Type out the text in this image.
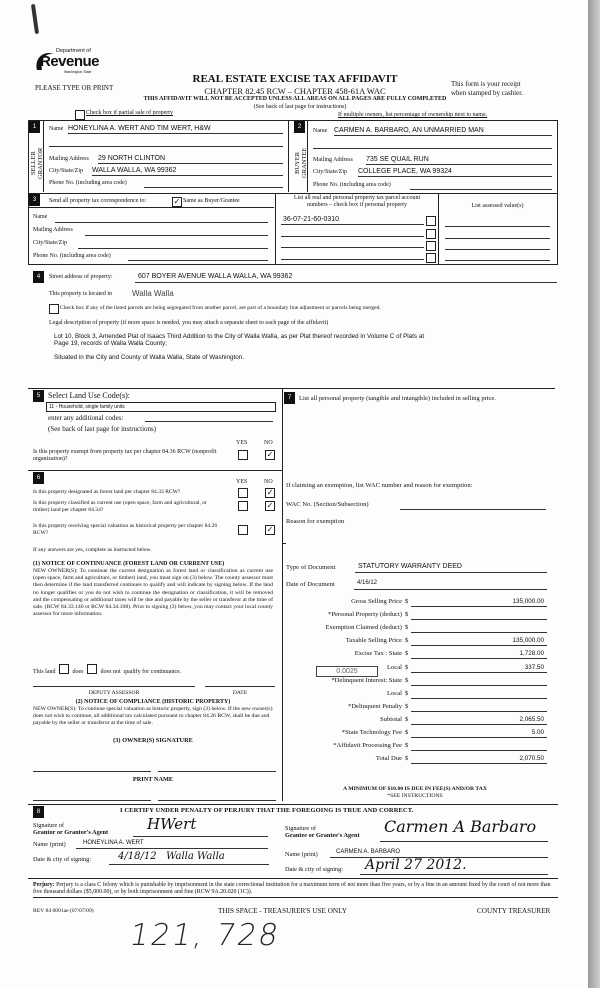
Department of
Revenue
Washington State
PLEASE TYPE OR PRINT
REAL ESTATE EXCISE TAX AFFIDAVIT
CHAPTER 82.45 RCW – CHAPTER 458-61A WAC
This form is your receipt
when stamped by cashier.
THIS AFFIDAVIT WILL NOT BE ACCEPTED UNLESS ALL AREAS ON ALL PAGES ARE FULLY COMPLETED
(See back of last page for instructions)
Check box if partial sale of property	If multiple owners, list percentage of ownership next to name.
1
SELLER GRANTOR
Name HONEYLINA A. WERT AND TIM WERT, H&W
Mailing Address 29 NORTH CLINTON
City/State/Zip WALLA WALLA, WA 99362
Phone No. (including area code)
2
BUYER GRANTEE
Name CARMEN A. BARBARO, AN UNMARRIED MAN
Mailing Address 735 SE QUAIL RUN
City/State/Zip COLLEGE PLACE, WA 99324
Phone No. (including area code)
3	Send all property tax correspondence to:	✓ Same as Buyer/Grantee
Name
Mailing Address
City/State/Zip
Phone No. (including area code)
List all real and personal property tax parcel account
numbers – check box if personal property	List assessed value(s)
36-07-21-60-0310
4	Street address of property:	607 BOYER AVENUE WALLA WALLA, WA 99362
This property is located in	Walla Walla
Check box if any of the listed parcels are being segregated from another parcel, are part of a boundary line adjustment or parcels being merged.
Legal description of property (if more space is needed, you may attach a separate sheet to each page of the affidavit)
Lot 10, Block 3, Amended Plat of Isaacs Third Addition to the City of Walla Walla, as per Plat thereof recorded in Volume C of Plats at
Page 19, records of Walla Walla County;
Situated in the City and County of Walla Walla, State of Washington.
5 Select Land Use Code(s):
11 - Household, single family units
enter any additional codes:
(See back of last page for instructions)
YES	NO
Is this property exempt from property tax per chapter 84.36 RCW (nonprofit organization)?	✓
6
YES	NO
Is this property designated as forest land per chapter 84.33 RCW?	✓
Is this property classified as current use (open space, farm and agricultural, or timber) land per chapter 84.34?	✓
Is this property receiving special valuation as historical property per chapter 84.26 RCW?	✓
If any answers are yes, complete as instructed below.
(1) NOTICE OF CONTINUANCE (FOREST LAND OR CURRENT USE)
NEW OWNER(S): To continue the current designation as forest land or classification as current use (open space, farm and agriculture, or timber) land, you must sign on (3) below. The county assessor must then determine if the land transferred continues to qualify and will indicate by signing below. If the land no longer qualifies or you do not wish to continue the designation or classification, it will be removed and the compensating or additional taxes will be due and payable by the seller or transferor at the time of sale. (RCW 84.33.140 or RCW 84.34.108). Prior to signing (3) below, you may contact your local county assessor for more information.
This land	does	does not qualify for continuance.
DEPUTY ASSESSOR	DATE
(2) NOTICE OF COMPLIANCE (HISTORIC PROPERTY)
NEW OWNER(S): To continue special valuation as historic property, sign (3) below. If the new owner(s) does not wish to continue, all additional tax calculated pursuant to chapter 84.26 RCW, shall be due and payable by the seller or transferor at the time of sale.
(3) OWNER(S) SIGNATURE
PRINT NAME
7	List all personal property (tangible and intangible) included in selling price.
If claiming an exemption, list WAC number and reason for exemption:
WAC No. (Section/Subsection)
Reason for exemption
Type of Document	STATUTORY WARRANTY DEED
Date of Document	4/16/12
Gross Selling Price $	135,000.00
*Personal Property (deduct) $
Exemption Claimed (deduct) $
Taxable Selling Price $	135,000.00
Excise Tax : State $	1,728.00
Local $	337.50
*Delinquent Interest: State $
Local $
*Delinquent Penalty $
Subtotal $	2,065.50
*State Technology Fee $	5.00
*Affidavit Processing Fee $
Total Due $	2,070.50
0.0025
A MINIMUM OF $10.00 IS DUE IN FEE(S) AND/OR TAX
*SEE INSTRUCTIONS
8	I CERTIFY UNDER PENALTY OF PERJURY THAT THE FOREGOING IS TRUE AND CORRECT.
Signature of
Grantor or Grantor's Agent	HWert
Name (print)	HONEYLINA A. WERT
Date & city of signing:	4/18/12   Walla Walla
Signature of
Grantee or Grantee's Agent Carmen A Barbaro
Name (print)	CARMEN A. BARBARO
Date & city of signing: April 27 2012.
Perjury: Perjury is a class C felony which is punishable by imprisonment in the state correctional institution for a maximum term of not more than five years, or by a fine in an amount fixed by the court of not more than five thousand dollars ($5,000.00), or by both imprisonment and fine (RCW 9A.20.020 (1C)).
REV 84 0001ae (07/07/09)	THIS SPACE - TREASURER'S USE ONLY	COUNTY TREASURER
121, 728
